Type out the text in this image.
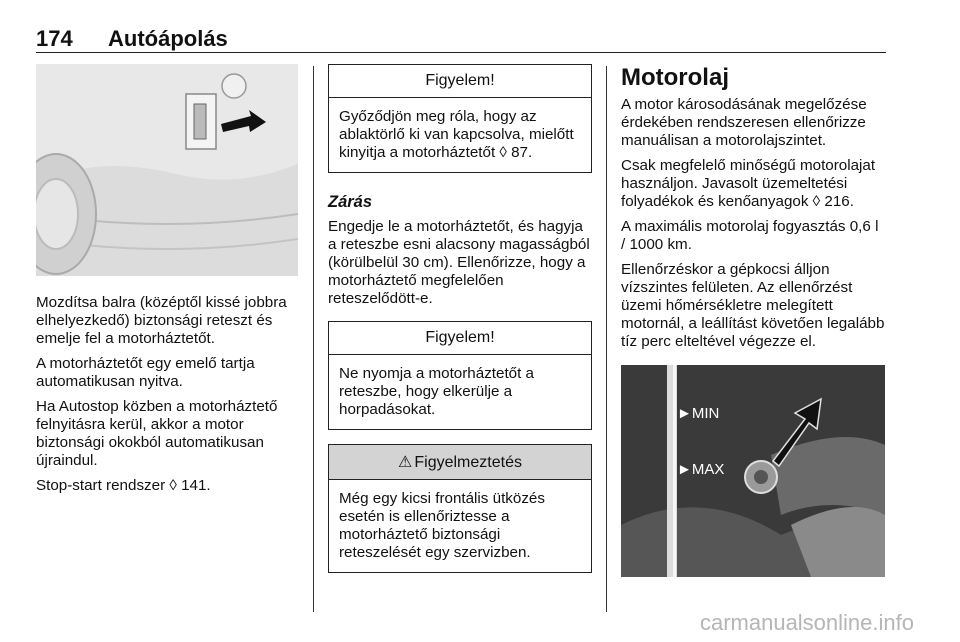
174 Autóápolás

Mozdítsa balra (középtől kissé jobbra elhelyezkedő) biztonsági reteszt és emelje fel a motorháztetőt.

A motorháztetőt egy emelő tartja automatikusan nyitva.

Ha Autostop közben a motorháztető felnyitásra kerül, akkor a motor biztonsági okokból automatikusan újraindul.

Stop-start rendszer ◊ 141.

Figyelem!
Győződjön meg róla, hogy az ablaktörlő ki van kapcsolva, mielőtt kinyitja a motorháztetőt ◊ 87.
Zárás

Engedje le a motorháztetőt, és hagyja a reteszbe esni alacsony magasságból (körülbelül 30 cm). Ellenőrizze, hogy a motorháztető megfelelően reteszelődött-e.

Figyelem!
Ne nyomja a motorháztetőt a reteszbe, hogy elkerülje a horpadásokat.
⚠ Figyelmeztetés
Még egy kicsi frontális ütközés esetén is ellenőriztesse a motorháztető biztonsági reteszelését egy szervizben.
Motorolaj

A motor károsodásának megelőzése érdekében rendszeresen ellenőrizze manuálisan a motorolajszintet.

Csak megfelelő minőségű motorolajat használjon. Javasolt üzemeltetési folyadékok és kenőanyagok ◊ 216.

A maximális motorolaj fogyasztás 0,6 l / 1000 km.

Ellenőrzéskor a gépkocsi álljon vízszintes felületen. Az ellenőrzést üzemi hőmérsékletre melegített motornál, a leállítást követően legalább tíz perc elteltével végezze el.

►MIN
►MAX
carmanualsonline.info
